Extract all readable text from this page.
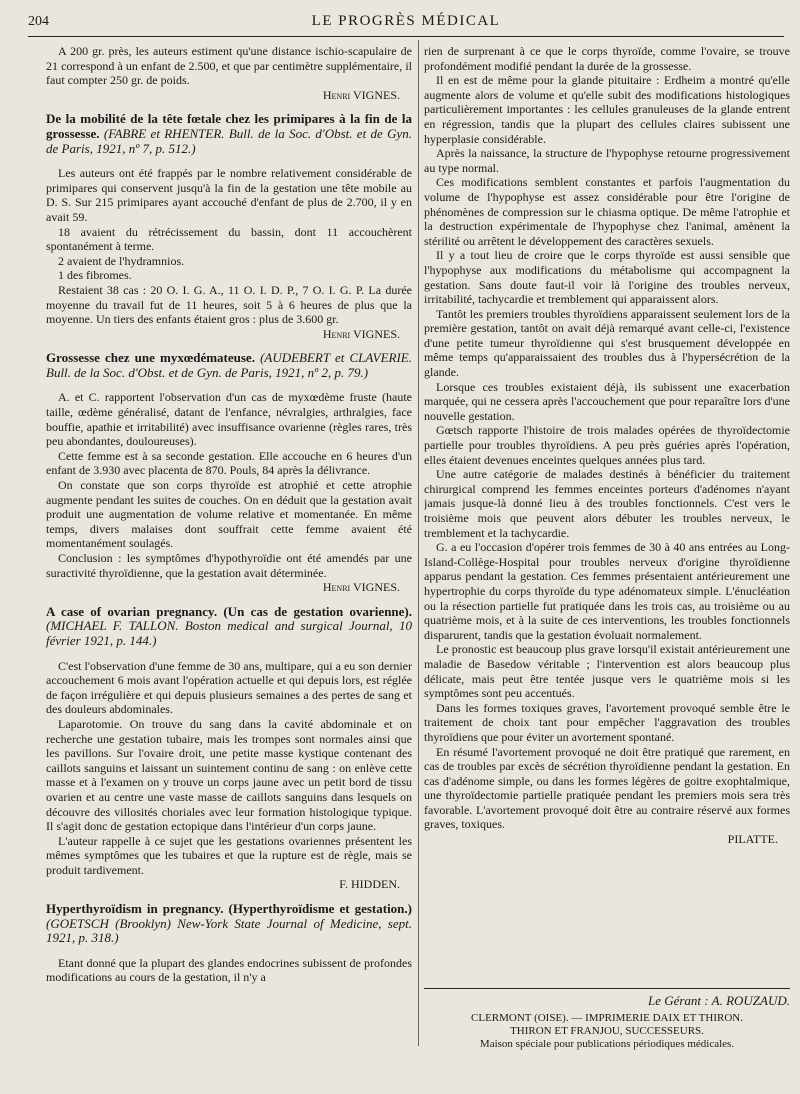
204	LE PROGRÈS MÉDICAL

A 200 gr. près, les auteurs estiment qu'une distance ischio-scapulaire de 21 correspond à un enfant de 2.500, et que par centimètre supplémentaire, il faut compter 250 gr. de poids.

Henri VIGNES.

De la mobilité de la tête fœtale chez les primipares à la fin de la grossesse. (FABRE et RHENTER. Bull. de la Soc. d'Obst. et de Gyn. de Paris, 1921, nº 7, p. 512.)

Les auteurs ont été frappés par le nombre relativement considérable de primipares qui conservent jusqu'à la fin de la gestation une tête mobile au D. S. Sur 215 primipares ayant accouché d'enfant de plus de 2.700, il y en avait 59.

18 avaient du rétrécissement du bassin, dont 11 accouchèrent spontanément à terme.

2 avaient de l'hydramnios.

1 des fibromes.

Restaient 38 cas : 20 O. I. G. A., 11 O. I. D. P., 7 O. I. G. P. La durée moyenne du travail fut de 11 heures, soit 5 à 6 heures de plus que la moyenne. Un tiers des enfants étaient gros : plus de 3.600 gr.

Henri VIGNES.

Grossesse chez une myxœdémateuse. (AUDEBERT et CLAVERIE. Bull. de la Soc. d'Obst. et de Gyn. de Paris, 1921, nº 2, p. 79.)

A. et C. rapportent l'observation d'un cas de myxœdème fruste (haute taille, œdème généralisé, datant de l'enfance, névralgies, arthralgies, face bouffie, apathie et irritabilité) avec insuffisance ovarienne (règles rares, très peu abondantes, douloureuses).

Cette femme est à sa seconde gestation. Elle accouche en 6 heures d'un enfant de 3.930 avec placenta de 870. Pouls, 84 après la délivrance.

On constate que son corps thyroïde est atrophié et cette atrophie augmente pendant les suites de couches. On en déduit que la gestation avait produit une augmentation de volume relative et momentanée. En même temps, divers malaises dont souffrait cette femme avaient été momentanément soulagés.

Conclusion : les symptômes d'hypothyroïdie ont été amendés par une suractivité thyroïdienne, que la gestation avait déterminée.

Henri VIGNES.

A case of ovarian pregnancy. (Un cas de gestation ovarienne). (MICHAEL F. TALLON. Boston medical and surgical Journal, 10 février 1921, p. 144.)

C'est l'observation d'une femme de 30 ans, multipare, qui a eu son dernier accouchement 6 mois avant l'opération actuelle et qui depuis lors, est réglée de façon irrégulière et qui depuis plusieurs semaines a des pertes de sang et des douleurs abdominales.

Laparotomie. On trouve du sang dans la cavité abdominale et on recherche une gestation tubaire, mais les trompes sont normales ainsi que les pavillons. Sur l'ovaire droit, une petite masse kystique contenant des caillots sanguins et laissant un suintement continu de sang : on enlève cette masse et à l'examen on y trouve un corps jaune avec un petit bord de tissu ovarien et au centre une vaste masse de caillots sanguins dans lesquels on découvre des villosités choriales avec leur formation histologique typique. Il s'agit donc de gestation ectopique dans l'intérieur d'un corps jaune.

L'auteur rappelle à ce sujet que les gestations ovariennes présentent les mêmes symptômes que les tubaires et que la rupture est de règle, mais se produit tardivement.

F. HIDDEN.

Hyperthyroïdism in pregnancy. (Hyperthyroïdisme et gestation.) (GOETSCH (Brooklyn) New-York State Journal of Medicine, sept. 1921, p. 318.)

Etant donné que la plupart des glandes endocrines subissent de profondes modifications au cours de la gestation, il n'y a

rien de surprenant à ce que le corps thyroïde, comme l'ovaire, se trouve profondément modifié pendant la durée de la grossesse.

Il en est de même pour la glande pituitaire : Erdheim a montré qu'elle augmente alors de volume et qu'elle subit des modifications histologiques particulièrement importantes : les cellules granuleuses de la glande entrent en régression, tandis que la plupart des cellules claires subissent une hyperplasie considérable.

Après la naissance, la structure de l'hypophyse retourne progressivement au type normal.

Ces modifications semblent constantes et parfois l'augmentation du volume de l'hypophyse est assez considérable pour être l'origine de phénomènes de compression sur le chiasma optique. De même l'atrophie et la destruction expérimentale de l'hypophyse chez l'animal, amènent la stérilité ou arrêtent le développement des caractères sexuels.

Il y a tout lieu de croire que le corps thyroïde est aussi sensible que l'hypophyse aux modifications du métabolisme qui accompagnent la gestation. Sans doute faut-il voir là l'origine des troubles nerveux, irritabilité, tachycardie et tremblement qui apparaissent alors.

Tantôt les premiers troubles thyroïdiens apparaissent seulement lors de la première gestation, tantôt on avait déjà remarqué avant celle-ci, l'existence d'une petite tumeur thyroïdienne qui s'est brusquement développée en même temps qu'apparaissaient des troubles dus à l'hypersécrétion de la glande.

Lorsque ces troubles existaient déjà, ils subissent une exacerbation marquée, qui ne cessera après l'accouchement que pour reparaître lors d'une nouvelle gestation.

Gœtsch rapporte l'histoire de trois malades opérées de thyroïdectomie partielle pour troubles thyroïdiens. A peu près guéries après l'opération, elles étaient devenues enceintes quelques années plus tard.

Une autre catégorie de malades destinés à bénéficier du traitement chirurgical comprend les femmes enceintes porteurs d'adénomes n'ayant jamais jusque-là donné lieu à des troubles fonctionnels. C'est vers le troisième mois que peuvent alors débuter les troubles nerveux, le tremblement et la tachycardie.

G. a eu l'occasion d'opérer trois femmes de 30 à 40 ans entrées au Long-Island-Collège-Hospital pour troubles nerveux d'origine thyroïdienne apparus pendant la gestation. Ces femmes présentaient antérieurement une hypertrophie du corps thyroïde du type adénomateux simple. L'énucléation ou la résection partielle fut pratiquée dans les trois cas, au troisième ou au quatrième mois, et à la suite de ces interventions, les troubles fonctionnels disparurent, tandis que la gestation évoluait normalement.

Le pronostic est beaucoup plus grave lorsqu'il existait antérieurement une maladie de Basedow véritable ; l'intervention est alors beaucoup plus délicate, mais peut être tentée jusque vers le quatrième mois si les symptômes sont peu accentués.

Dans les formes toxiques graves, l'avortement provoqué semble être le traitement de choix tant pour empêcher l'aggravation des troubles thyroïdiens que pour éviter un avortement spontané.

En résumé l'avortement provoqué ne doit être pratiqué que rarement, en cas de troubles par excès de sécrétion thyroïdienne pendant la gestation. En cas d'adénome simple, ou dans les formes légères de goitre exophtalmique, une thyroïdectomie partielle pratiquée pendant les premiers mois sera très favorable. L'avortement provoqué doit être au contraire réservé aux formes graves, toxiques.

PILATTE.

Le Gérant : A. ROUZAUD.
CLERMONT (OISE). — IMPRIMERIE DAIX ET THIRON.
THIRON ET FRANJOU, SUCCESSEURS.
Maison spéciale pour publications périodiques médicales.
